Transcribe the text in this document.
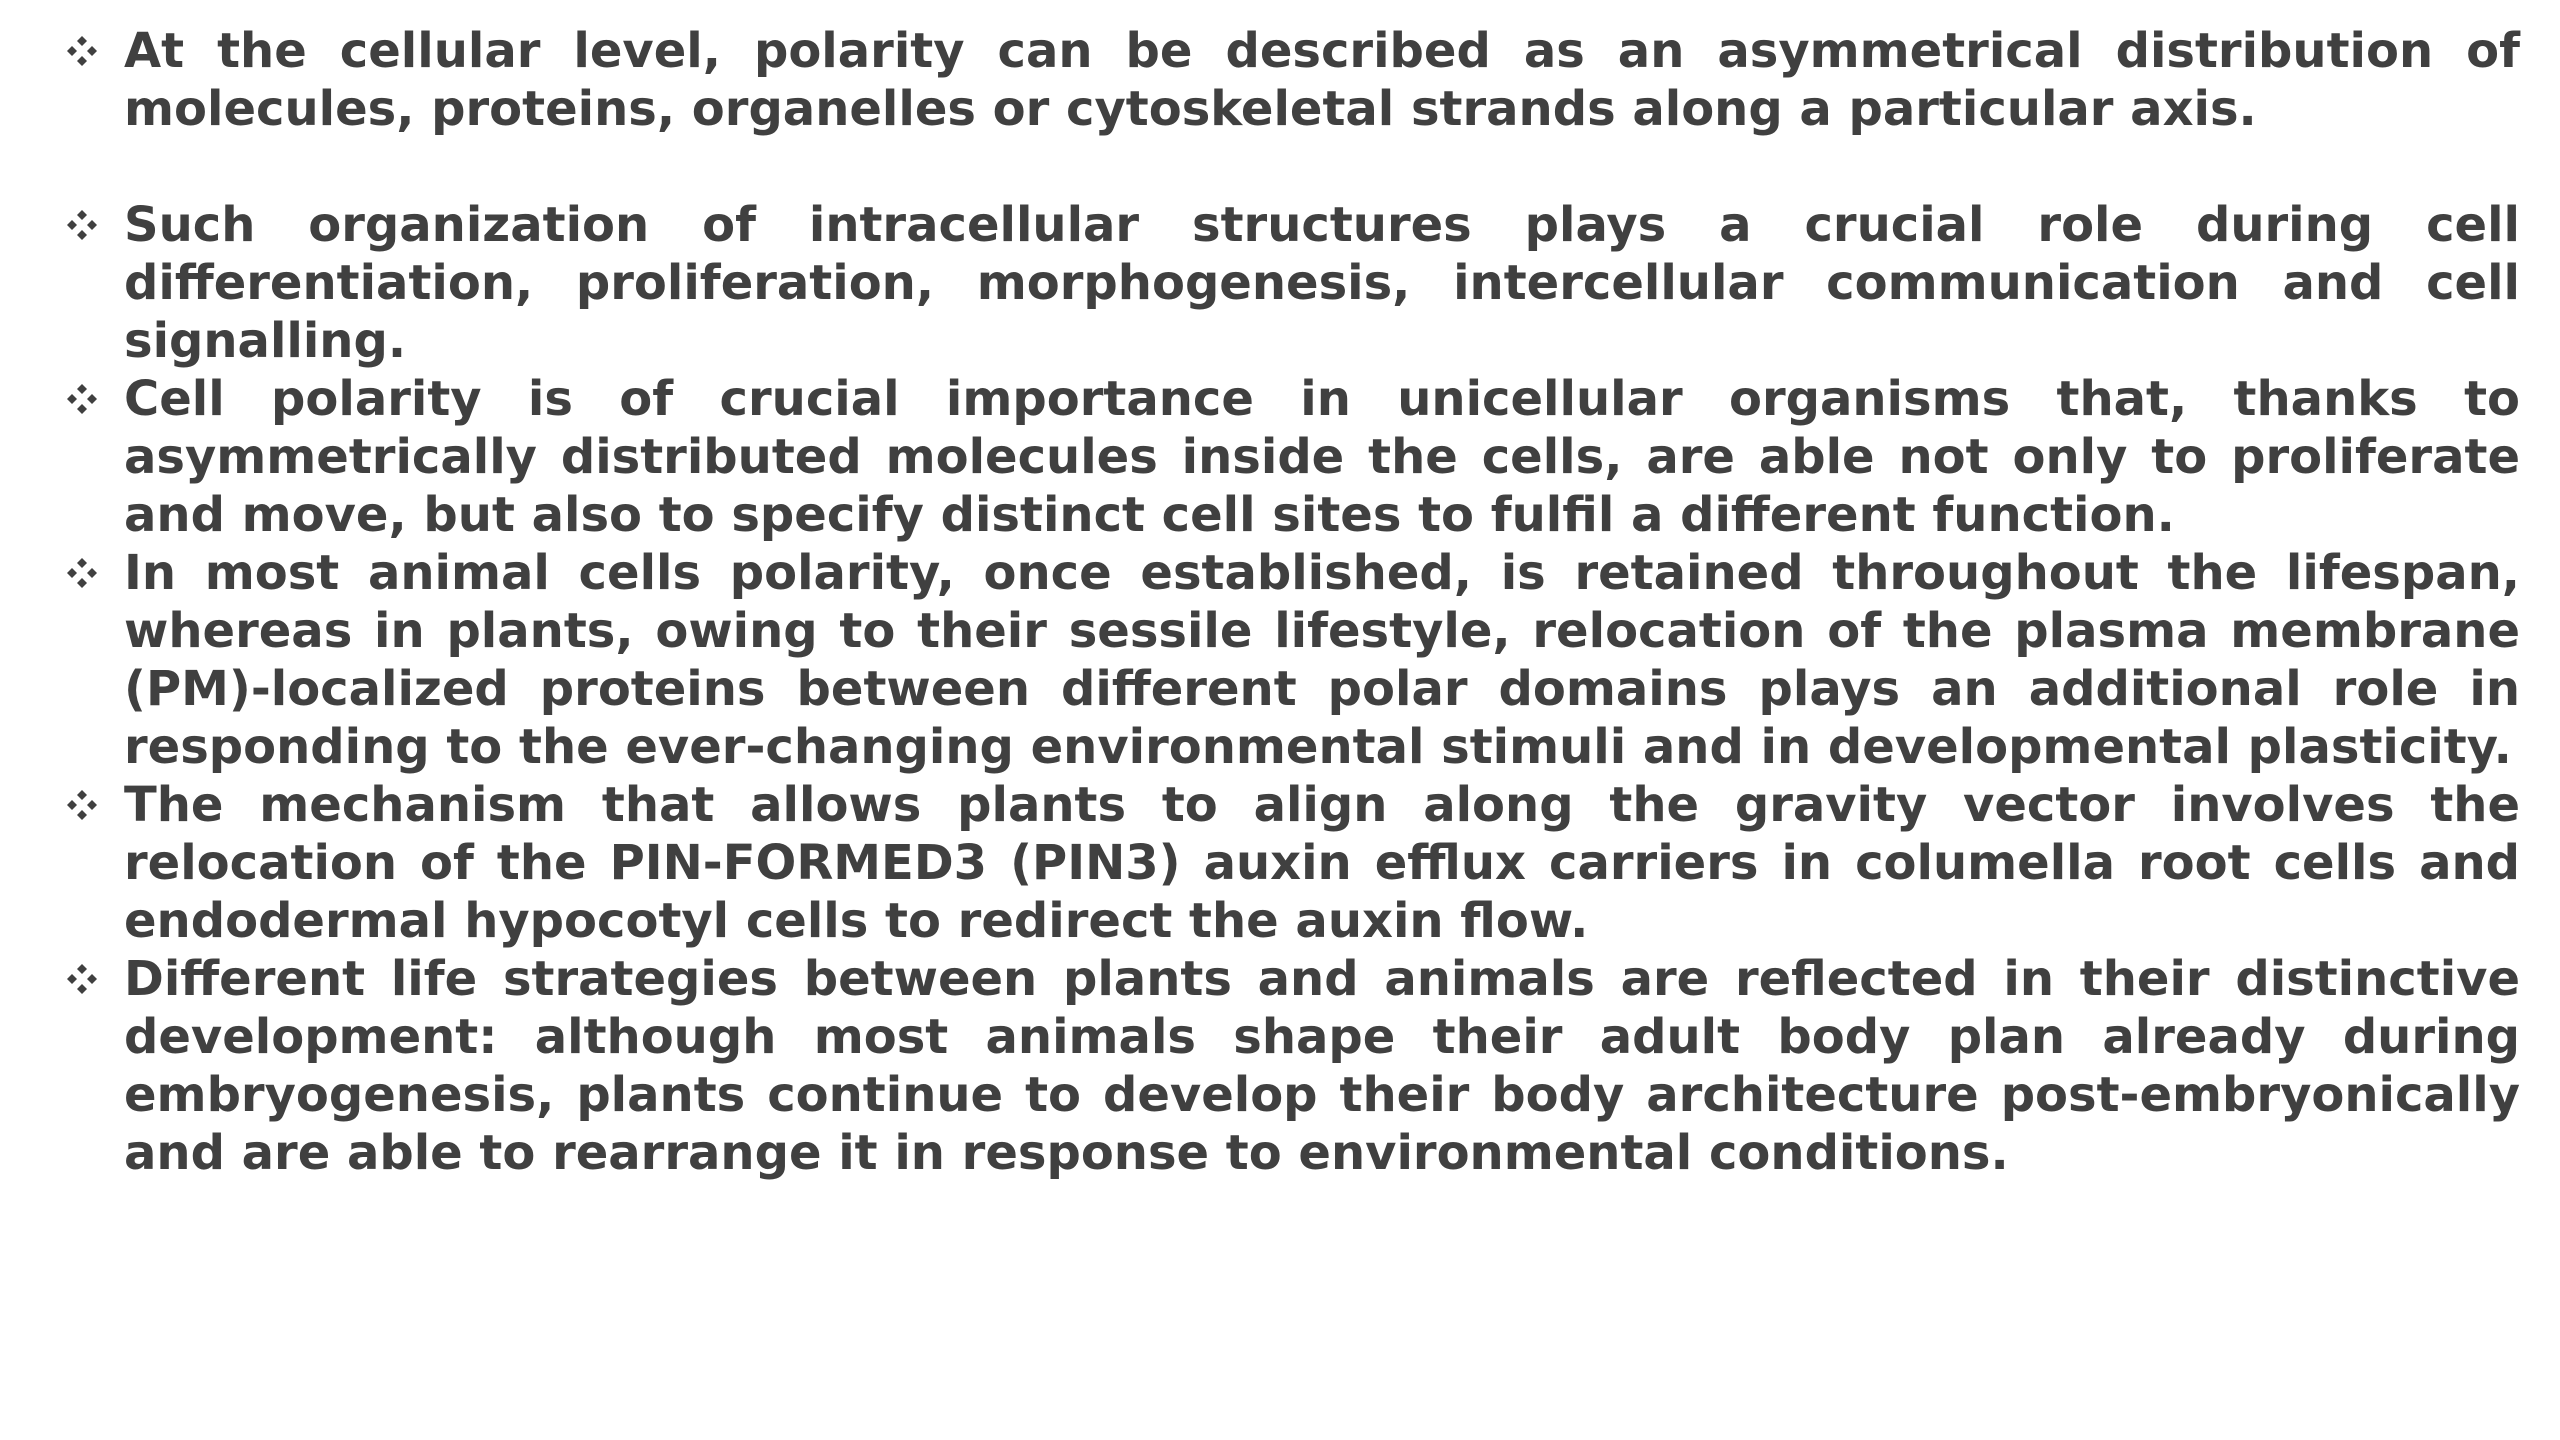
At the cellular level, polarity can be described as an asymmetrical distribution of molecules, proteins, organelles or cytoskeletal strands along a particular axis.

Such organization of intracellular structures plays a crucial role during cell differentiation, proliferation, morphogenesis, intercellular communication and cell signalling.

Cell polarity is of crucial importance in unicellular organisms that, thanks to asymmetrically distributed molecules inside the cells, are able not only to proliferate and move, but also to specify distinct cell sites to fulfil a different function.

In most animal cells polarity, once established, is retained throughout the lifespan, whereas in plants, owing to their sessile lifestyle, relocation of the plasma membrane (PM)-localized proteins between different polar domains plays an additional role in responding to the ever-changing environmental stimuli and in developmental plasticity.

The mechanism that allows plants to align along the gravity vector involves the relocation of the PIN-FORMED3 (PIN3) auxin efflux carriers in columella root cells and endodermal hypocotyl cells to redirect the auxin flow.

Different life strategies between plants and animals are reflected in their distinctive development: although most animals shape their adult body plan already during embryogenesis, plants continue to develop their body architecture post-embryonically and are able to rearrange it in response to environmental conditions.
